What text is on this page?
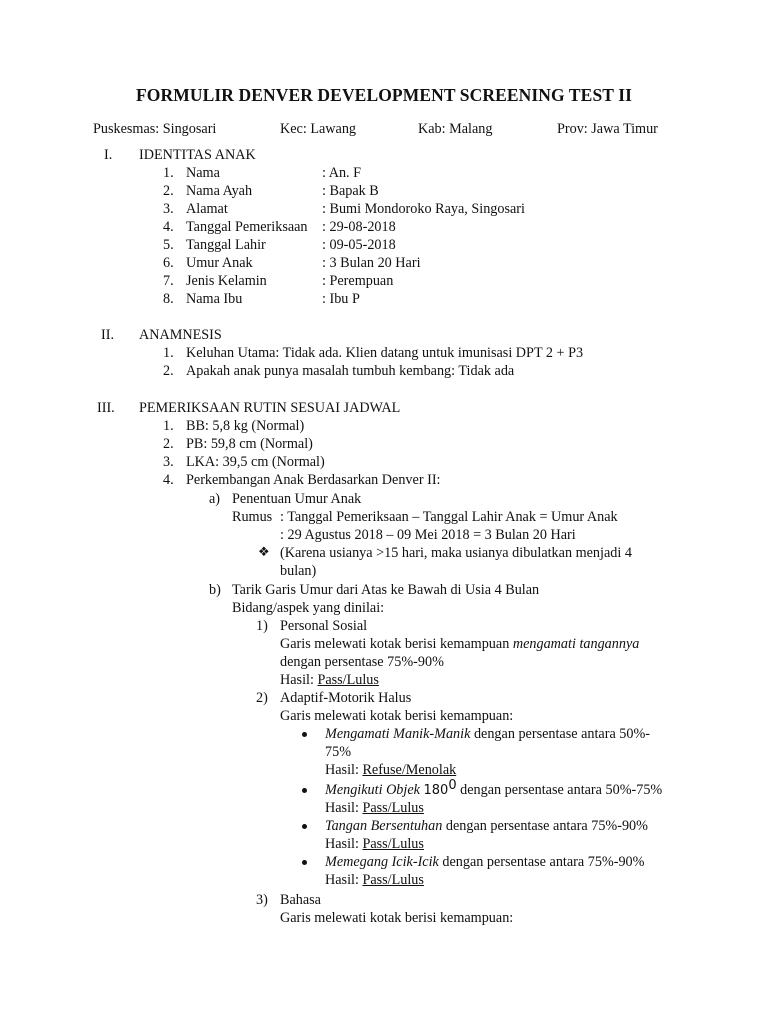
FORMULIR DENVER DEVELOPMENT SCREENING TEST II
Puskesmas: Singosari	Kec: Lawang	Kab: Malang	Prov: Jawa Timur
I. IDENTITAS ANAK
1. Nama	: An. F
2. Nama Ayah	: Bapak B
3. Alamat	: Bumi Mondoroko Raya, Singosari
4. Tanggal Pemeriksaan : 29-08-2018
5. Tanggal Lahir	: 09-05-2018
6. Umur Anak	: 3 Bulan 20 Hari
7. Jenis Kelamin	: Perempuan
8. Nama Ibu	: Ibu P
II. ANAMNESIS
1. Keluhan Utama: Tidak ada. Klien datang untuk imunisasi DPT 2 + P3
2. Apakah anak punya masalah tumbuh kembang: Tidak ada
III. PEMERIKSAAN RUTIN SESUAI JADWAL
1. BB: 5,8 kg (Normal)
2. PB: 59,8 cm (Normal)
3. LKA: 39,5 cm (Normal)
4. Perkembangan Anak Berdasarkan Denver II:
a) Penentuan Umur Anak
Rumus : Tanggal Pemeriksaan – Tanggal Lahir Anak = Umur Anak
: 29 Agustus 2018 – 09 Mei 2018 = 3 Bulan 20 Hari
❖ (Karena usianya >15 hari, maka usianya dibulatkan menjadi 4
bulan)
b) Tarik Garis Umur dari Atas ke Bawah di Usia 4 Bulan
Bidang/aspek yang dinilai:
1) Personal Sosial
Garis melewati kotak berisi kemampuan mengamati tangannya
dengan persentase 75%-90%
Hasil: Pass/Lulus
2) Adaptif-Motorik Halus
Garis melewati kotak berisi kemampuan:
Mengamati Manik-Manik dengan persentase antara 50%-
75%
Hasil: Refuse/Menolak
Mengikuti Objek $180^0$ dengan persentase antara 50%-75%
Hasil: Pass/Lulus
Tangan Bersentuhan dengan persentase antara 75%-90%
Hasil: Pass/Lulus
Memegang Icik-Icik dengan persentase antara 75%-90%
Hasil: Pass/Lulus
3) Bahasa
Garis melewati kotak berisi kemampuan:
